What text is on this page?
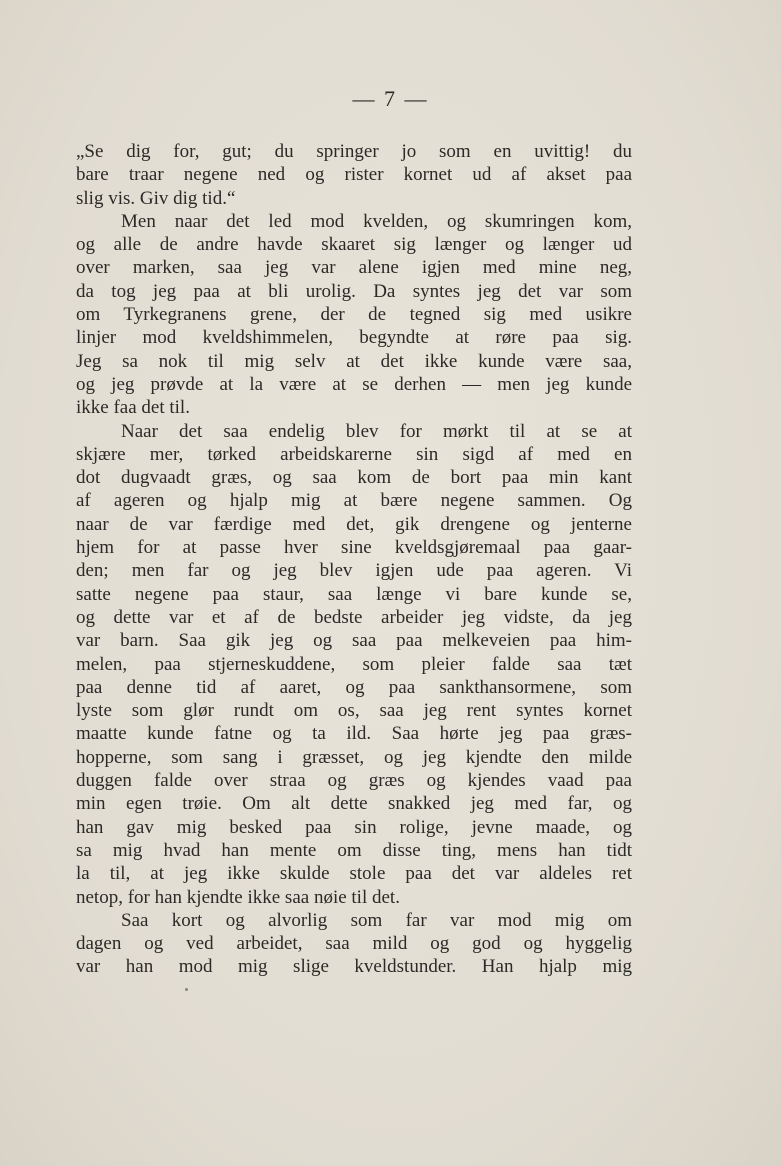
— 7 —
„Se dig for, gut; du springer jo som en uvittig! du
bare traar negene ned og rister kornet ud af akset paa
slig vis. Giv dig tid.“
Men naar det led mod kvelden, og skumringen kom,
og alle de andre havde skaaret sig længer og længer ud
over marken, saa jeg var alene igjen med mine neg,
da tog jeg paa at bli urolig. Da syntes jeg det var som
om Tyrkegranens grene, der de tegned sig med usikre
linjer mod kveldshimmelen, begyndte at røre paa sig.
Jeg sa nok til mig selv at det ikke kunde være saa,
og jeg prøvde at la være at se derhen — men jeg kunde
ikke faa det til.
Naar det saa endelig blev for mørkt til at se at
skjære mer, tørked arbeidskarerne sin sigd af med en
dot dugvaadt græs, og saa kom de bort paa min kant
af ageren og hjalp mig at bære negene sammen. Og
naar de var færdige med det, gik drengene og jenterne
hjem for at passe hver sine kveldsgjøremaal paa gaar-
den; men far og jeg blev igjen ude paa ageren. Vi
satte negene paa staur, saa længe vi bare kunde se,
og dette var et af de bedste arbeider jeg vidste, da jeg
var barn. Saa gik jeg og saa paa melkeveien paa him-
melen, paa stjerneskuddene, som pleier falde saa tæt
paa denne tid af aaret, og paa sankthansormene, som
lyste som glør rundt om os, saa jeg rent syntes kornet
maatte kunde fatne og ta ild. Saa hørte jeg paa græs-
hopperne, som sang i græsset, og jeg kjendte den milde
duggen falde over straa og græs og kjendes vaad paa
min egen trøie. Om alt dette snakked jeg med far, og
han gav mig besked paa sin rolige, jevne maade, og
sa mig hvad han mente om disse ting, mens han tidt
la til, at jeg ikke skulde stole paa det var aldeles ret
netop, for han kjendte ikke saa nøie til det.
Saa kort og alvorlig som far var mod mig om
dagen og ved arbeidet, saa mild og god og hyggelig
var han mod mig slige kveldstunder. Han hjalp mig
